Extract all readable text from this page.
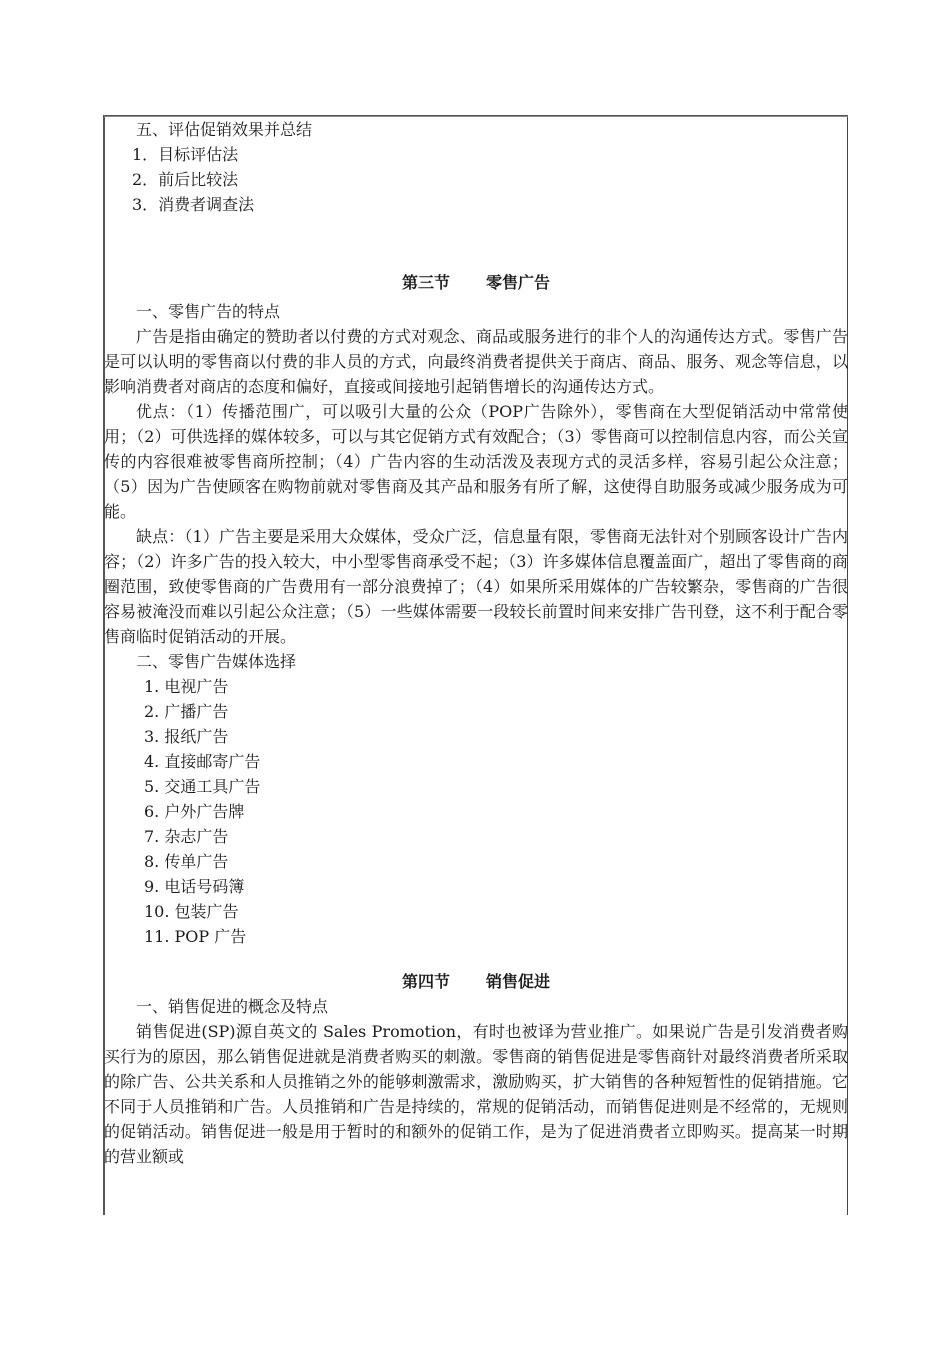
五、评估促销效果并总结
1．目标评估法
2．前后比较法
3．消费者调查法
第三节 零售广告
一、零售广告的特点
广告是指由确定的赞助者以付费的方式对观念、商品或服务进行的非个人的沟通传达方式。零售广告是可以认明的零售商以付费的非人员的方式，向最终消费者提供关于商店、商品、服务、观念等信息，以影响消费者对商店的态度和偏好，直接或间接地引起销售增长的沟通传达方式。
优点：（1）传播范围广，可以吸引大量的公众（POP广告除外），零售商在大型促销活动中常常使用；（2）可供选择的媒体较多，可以与其它促销方式有效配合；（3）零售商可以控制信息内容，而公关宣传的内容很难被零售商所控制；（4）广告内容的生动活泼及表现方式的灵活多样，容易引起公众注意；（5）因为广告使顾客在购物前就对零售商及其产品和服务有所了解，这使得自助服务或减少服务成为可能。
缺点：（1）广告主要是采用大众媒体，受众广泛，信息量有限，零售商无法针对个别顾客设计广告内容；（2）许多广告的投入较大，中小型零售商承受不起；（3）许多媒体信息覆盖面广，超出了零售商的商圈范围，致使零售商的广告费用有一部分浪费掉了；（4）如果所采用媒体的广告较繁杂，零售商的广告很容易被淹没而难以引起公众注意；（5）一些媒体需要一段较长前置时间来安排广告刊登，这不利于配合零售商临时促销活动的开展。
二、零售广告媒体选择
1. 电视广告
2. 广播广告
3. 报纸广告
4. 直接邮寄广告
5. 交通工具广告
6. 户外广告牌
7. 杂志广告
8. 传单广告
9. 电话号码簿
10. 包装广告
11. POP 广告
第四节 销售促进
一、销售促进的概念及特点
销售促进(SP)源自英文的 Sales Promotion，有时也被译为营业推广。如果说广告是引发消费者购买行为的原因，那么销售促进就是消费者购买的刺激。零售商的销售促进是零售商针对最终消费者所采取的除广告、公共关系和人员推销之外的能够刺激需求，激励购买，扩大销售的各种短暂性的促销措施。它不同于人员推销和广告。人员推销和广告是持续的，常规的促销活动，而销售促进则是不经常的，无规则的促销活动。销售促进一般是用于暂时的和额外的促销工作，是为了促进消费者立即购买。提高某一时期的营业额或
